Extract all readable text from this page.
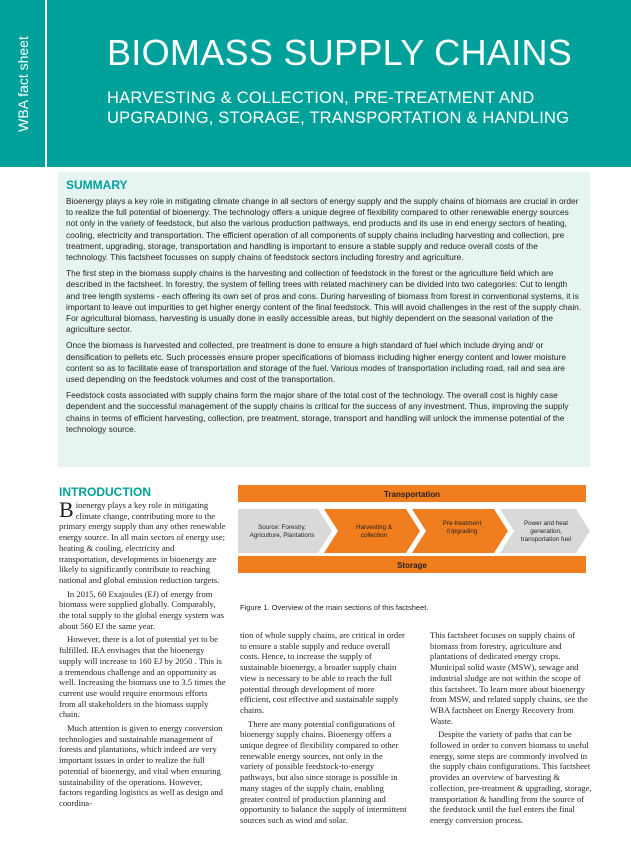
WBA fact sheet BIOMASS SUPPLY CHAINS
HARVESTING & COLLECTION, PRE-TREATMENT AND
UPGRADING, STORAGE, TRANSPORTATION & HANDLING
SUMMARY

Bioenergy plays a key role in mitigating climate change in all sectors of energy supply and the supply chains of biomass are crucial in order to realize the full potential of bioenergy. The technology offers a unique degree of flexibility compared to other renewable energy sources not only in the variety of feedstock, but also the various production pathways, end products and its use in end energy sectors of heating, cooling, electricity and transportation. The efficient operation of all components of supply chains including harvesting and collection, pre treatment, upgrading, storage, transportation and handling is important to ensure a stable supply and reduce overall costs of the technology. This factsheet focusses on supply chains of feedstock sectors including forestry and agriculture.

The first step in the biomass supply chains is the harvesting and collection of feedstock in the forest or the agriculture field which are described in the factsheet. In forestry, the system of felling trees with related machinery can be divided into two categories: Cut to length and tree length systems - each offering its own set of pros and cons. During harvesting of biomass from forest in conventional systems, it is important to leave out impurities to get higher energy content of the final feedstock. This will avoid challenges in the rest of the supply chain. For agricultural biomass, harvesting is usually done in easily accessible areas, but highly dependent on the seasonal variation of the agriculture sector.

Once the biomass is harvested and collected, pre treatment is done to ensure a high standard of fuel which include drying and/ or densification to pellets etc. Such processes ensure proper specifications of biomass including higher energy content and lower moisture content so as to facilitate ease of transportation and storage of the fuel. Various modes of transportation including road, rail and sea are used depending on the feedstock volumes and cost of the transportation.

Feedstock costs associated with supply chains form the major share of the total cost of the technology. The overall cost is highly case dependent and the successful management of the supply chains is critical for the success of any investment. Thus, improving the supply chains in terms of efficient harvesting, collection, pre treatment, storage, transport and handling will unlock the immense potential of the technology source.

INTRODUCTION

Bioenergy plays a key role in mitigating climate change, contributing more to the primary energy supply than any other renewable energy source. In all main sectors of energy use; heating & cooling, electricity and transportation, developments in bioenergy are likely to significantly contribute to reaching national and global emission reduction targets.

In 2015, 60 Exajoules (EJ) of energy from biomass were supplied globally. Comparably, the total supply to the global energy system was about 560 EJ the same year.

However, there is a lot of potential yet to be fulfilled. IEA envisages that the bioenergy supply will increase to 160 EJ by 2050 . This is a tremendous challenge and an opportunity as well. Increasing the biomass use to 3.5 times the current use would require enormous efforts from all stakeholders in the biomass supply chain.

Much attention is given to energy conversion technologies and sustainable management of forests and plantations, which indeed are very important issues in order to realize the full potential of bioenergy, and vital when ensuring sustainability of the operations. However, factors regarding logistics as well as design and coordina-

tion of whole supply chains, are critical in order to ensure a stable supply and reduce overall costs. Hence, to increase the supply of sustainable bioenergy, a broader supply chain view is necessary to be able to reach the full potential through development of more efficient, cost effective and sustainable supply chains.

There are many potential configurations of bioenergy supply chains. Bioenergy offers a unique degree of flexibility compared to other renewable energy sources, not only in the variety of possible feedstock-to-energy pathways, but also since storage is possible in many stages of the supply chain, enabling greater control of production planning and opportunity to balance the supply of intermittent sources such as wind and solar.

This factsheet focuses on supply chains of biomass from forestry, agriculture and plantations of dedicated energy crops. Municipal solid waste (MSW), sewage and industrial sludge are not within the scope of this factsheet. To learn more about bioenergy from MSW, and related supply chains, see the WBA factsheet on Energy Recovery from Waste.

Despite the variety of paths that can be followed in order to convert biomass to useful energy, some steps are commonly involved in the supply chain configurations. This factsheet provides an overview of harvesting & collection, pre-treatment & upgrading, storage, transportation & handling from the source of the feedstock until the fuel enters the final energy conversion process.

Transportation
Source: Forestry,
Agriculture, Plantations
Harvesting &
collection
Pre-treatment
/Upgrading
Power and heat
generation,
transportation fuel
Storage
Figure 1. Overview of the main sections of this factsheet.
